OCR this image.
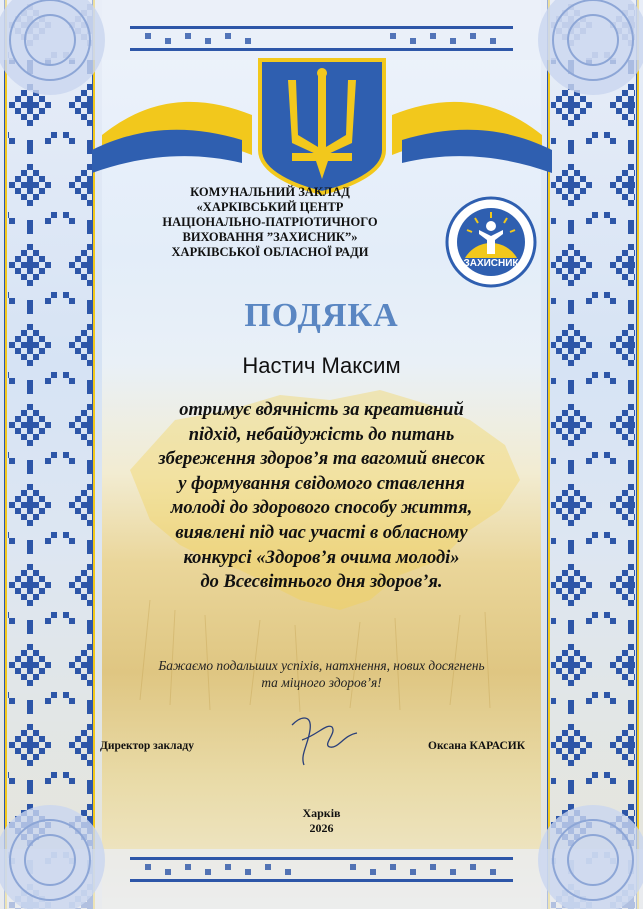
КОМУНАЛЬНИЙ ЗАКЛАД
«ХАРКІВСЬКИЙ ЦЕНТР
НАЦІОНАЛЬНО-ПАТРІОТИЧНОГО
ВИХОВАННЯ ”ЗАХИСНИК”»
ХАРКІВСЬКОЇ ОБЛАСНОЇ РАДИ
ЗАХИСНИК
ПОДЯКА
Настич Максим
отримує вдячність за креативний
підхід, небайдужість до питань
збереження здоров’я та вагомий внесок
у формування свідомого ставлення
молоді до здорового способу життя,
виявлені під час участі в обласному
конкурсі «Здоров’я очима молоді»
до Всесвітнього дня здоров’я.
Бажаємо подальших успіхів, натхнення, нових досягнень
та міцного здоров’я!
Директор закладу	Оксана КАРАСИК
Харків
2026
